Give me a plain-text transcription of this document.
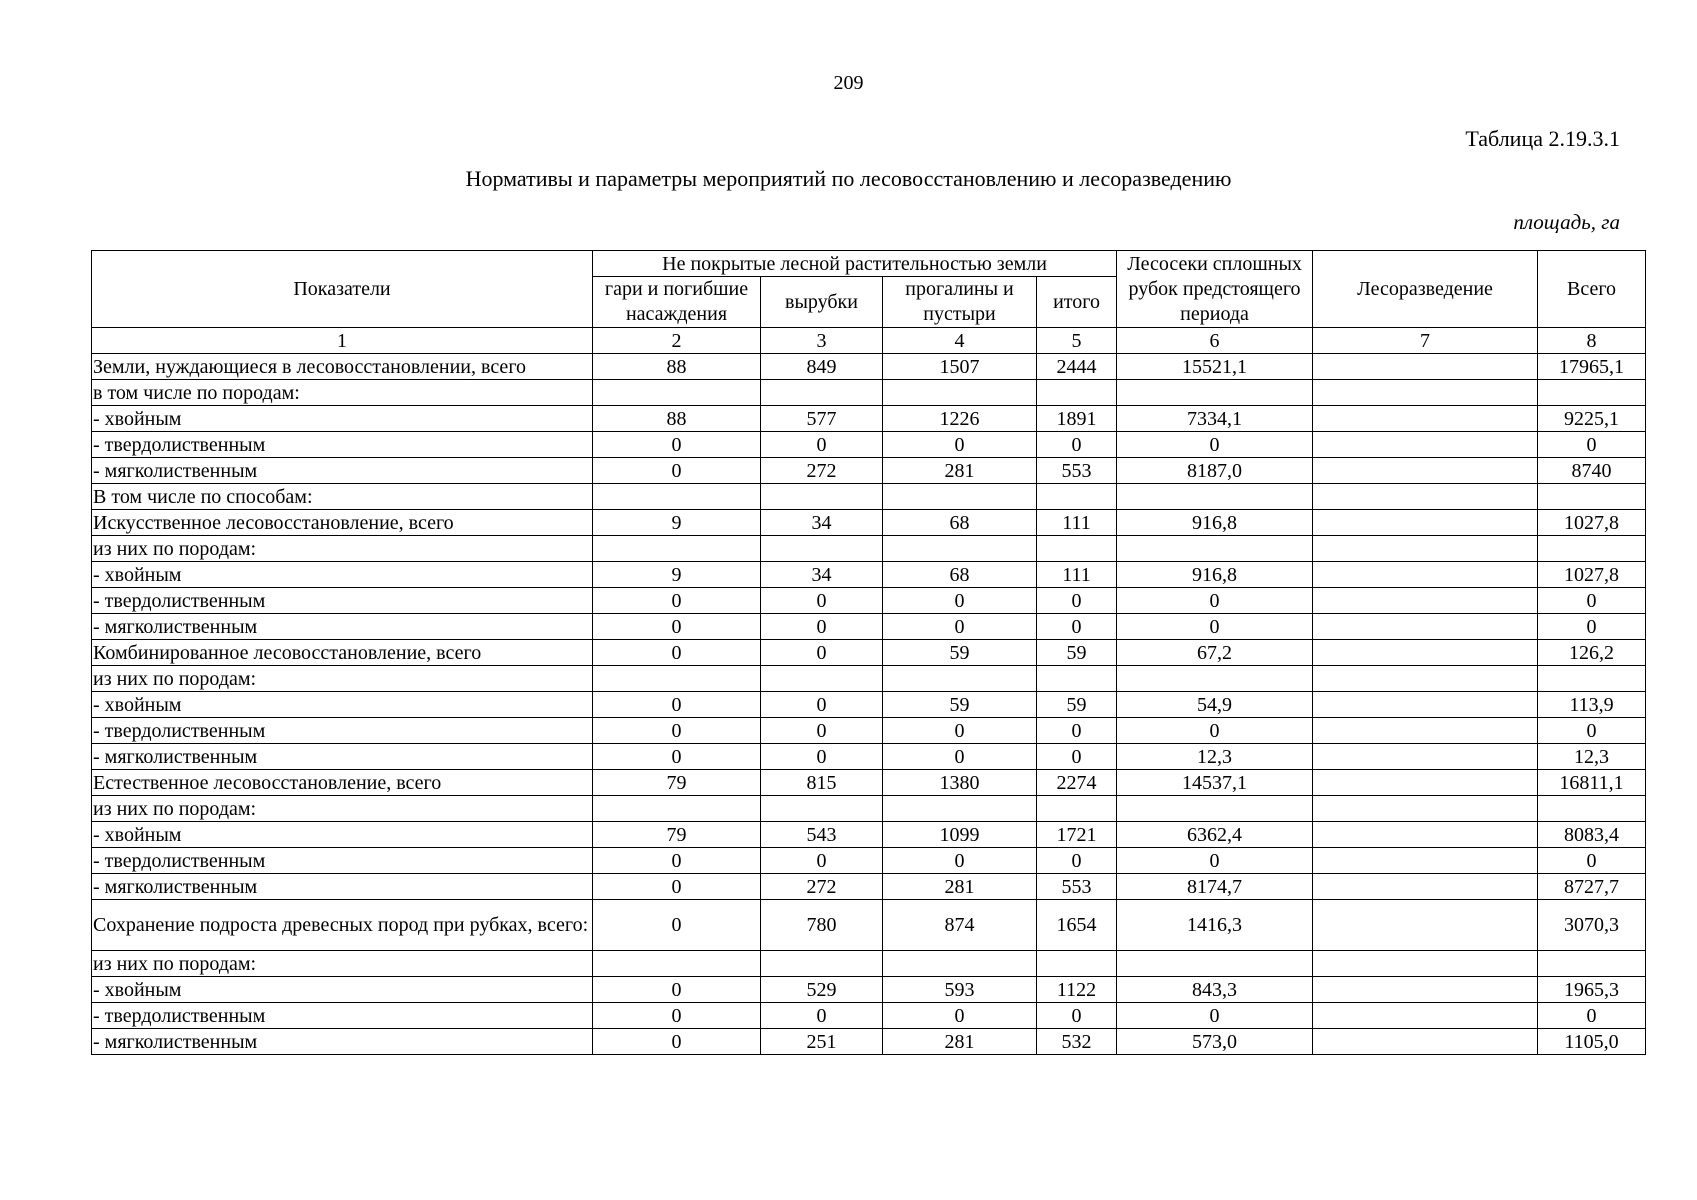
209
Таблица 2.19.3.1
Нормативы и параметры мероприятий по лесовосстановлению и лесоразведению
площадь, га
Показатели	Не покрытые лесной растительностью земли				Лесосеки сплошных рубок предстоящего периода	Лесоразведение	Всего
	гари и погибшие насаждения	вырубки	прогалины и пустыри	итого			
1	2	3	4	5	6	7	8
Земли, нуждающиеся в лесовосстановлении, всего	88	849	1507	2444	15521,1		17965,1
в том числе по породам:							
- хвойным	88	577	1226	1891	7334,1		9225,1
- твердолиственным	0	0	0	0	0		0
- мягколиственным	0	272	281	553	8187,0		8740
В том числе по способам:							
Искусственное лесовосстановление, всего	9	34	68	111	916,8		1027,8
из них по породам:							
- хвойным	9	34	68	111	916,8		1027,8
- твердолиственным	0	0	0	0	0		0
- мягколиственным	0	0	0	0	0		0
Комбинированное лесовосстановление, всего	0	0	59	59	67,2		126,2
из них по породам:							
- хвойным	0	0	59	59	54,9		113,9
- твердолиственным	0	0	0	0	0		0
- мягколиственным	0	0	0	0	12,3		12,3
Естественное лесовосстановление, всего	79	815	1380	2274	14537,1		16811,1
из них по породам:							
- хвойным	79	543	1099	1721	6362,4		8083,4
- твердолиственным	0	0	0	0	0		0
- мягколиственным	0	272	281	553	8174,7		8727,7
Сохранение подроста древесных пород при рубках, всего:	0	780	874	1654	1416,3		3070,3
из них по породам:							
- хвойным	0	529	593	1122	843,3		1965,3
- твердолиственным	0	0	0	0	0		0
- мягколиственным	0	251	281	532	573,0		1105,0
